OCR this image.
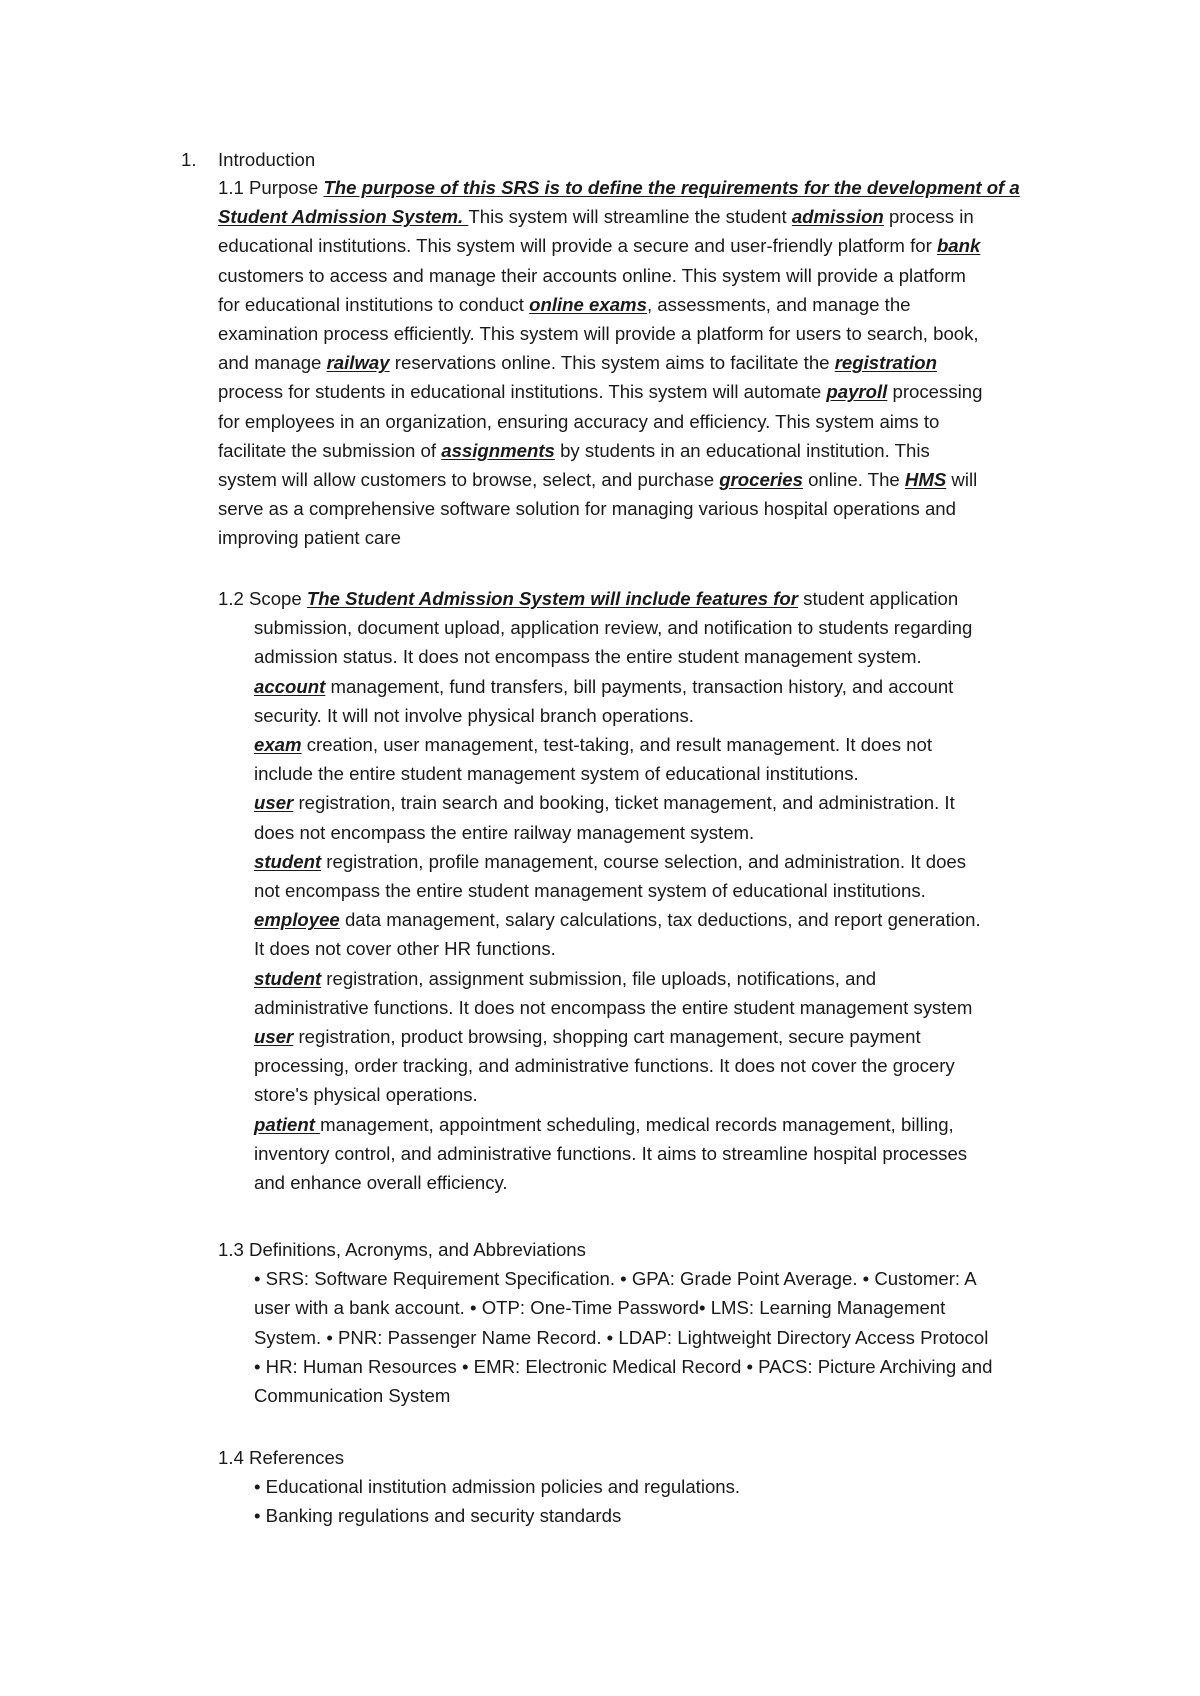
1. Introduction
1.1 Purpose The purpose of this SRS is to define the requirements for the development of a
Student Admission System. This system will streamline the student admission process in
educational institutions. This system will provide a secure and user-friendly platform for bank
customers to access and manage their accounts online. This system will provide a platform
for educational institutions to conduct online exams, assessments, and manage the
examination process efficiently. This system will provide a platform for users to search, book,
and manage railway reservations online. This system aims to facilitate the registration
process for students in educational institutions. This system will automate payroll processing
for employees in an organization, ensuring accuracy and efficiency. This system aims to
facilitate the submission of assignments by students in an educational institution. This
system will allow customers to browse, select, and purchase groceries online. The HMS will
serve as a comprehensive software solution for managing various hospital operations and
improving patient care
1.2 Scope The Student Admission System will include features for student application
submission, document upload, application review, and notification to students regarding
admission status. It does not encompass the entire student management system.
account management, fund transfers, bill payments, transaction history, and account
security. It will not involve physical branch operations.
exam creation, user management, test-taking, and result management. It does not
include the entire student management system of educational institutions.
user registration, train search and booking, ticket management, and administration. It
does not encompass the entire railway management system.
student registration, profile management, course selection, and administration. It does
not encompass the entire student management system of educational institutions.
employee data management, salary calculations, tax deductions, and report generation.
It does not cover other HR functions.
student registration, assignment submission, file uploads, notifications, and
administrative functions. It does not encompass the entire student management system
user registration, product browsing, shopping cart management, secure payment
processing, order tracking, and administrative functions. It does not cover the grocery
store's physical operations.
patient management, appointment scheduling, medical records management, billing,
inventory control, and administrative functions. It aims to streamline hospital processes
and enhance overall efficiency.
1.3 Definitions, Acronyms, and Abbreviations
• SRS: Software Requirement Specification. • GPA: Grade Point Average. • Customer: A
user with a bank account. • OTP: One-Time Password• LMS: Learning Management
System. • PNR: Passenger Name Record. • LDAP: Lightweight Directory Access Protocol
• HR: Human Resources • EMR: Electronic Medical Record • PACS: Picture Archiving and
Communication System
1.4 References
• Educational institution admission policies and regulations.
• Banking regulations and security standards
